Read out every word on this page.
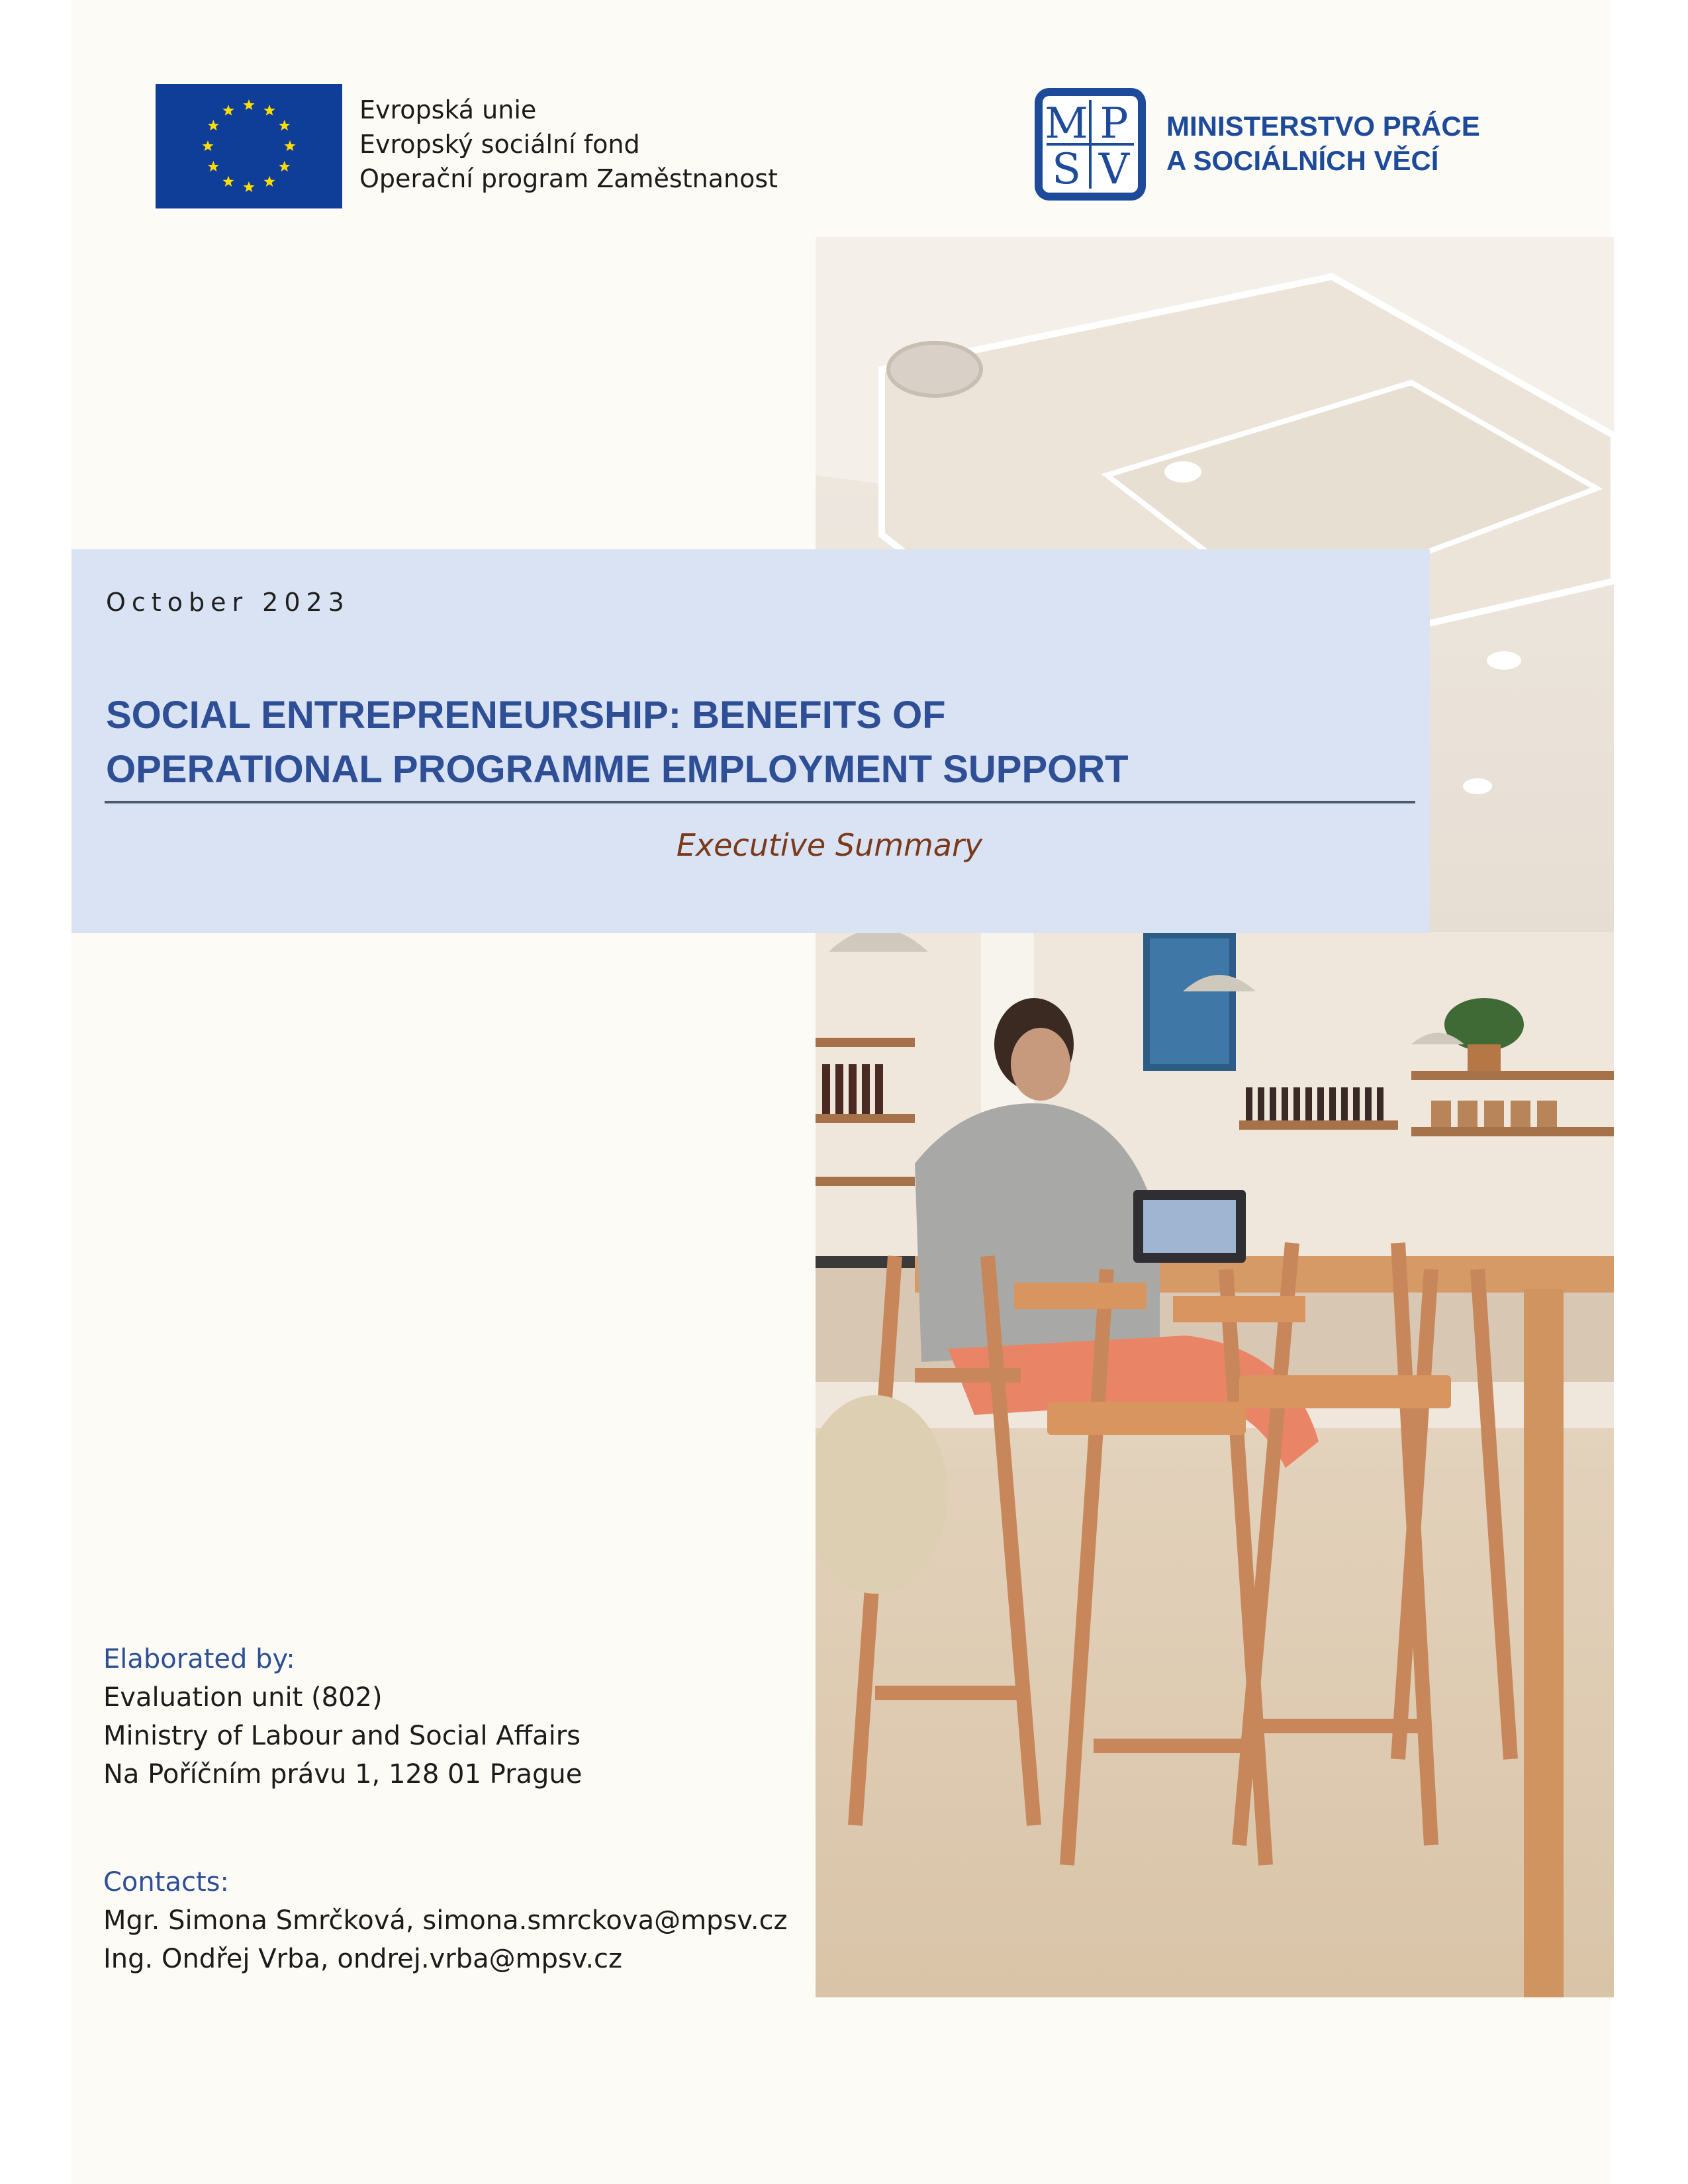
Evropská unie
Evropský sociální fond
Operační program Zaměstnanost
M P
S V
MINISTERSTVO PRÁCE
A SOCIÁLNÍCH VĚCÍ
October 2023
SOCIAL ENTREPRENEURSHIP: BENEFITS OF
OPERATIONAL PROGRAMME EMPLOYMENT SUPPORT
Executive Summary
Elaborated by:
Evaluation unit (802)
Ministry of Labour and Social Affairs
Na Poříčním právu 1, 128 01 Prague
Contacts:
Mgr. Simona Smrčková, simona.smrckova@mpsv.cz
Ing. Ondřej Vrba, ondrej.vrba@mpsv.cz
